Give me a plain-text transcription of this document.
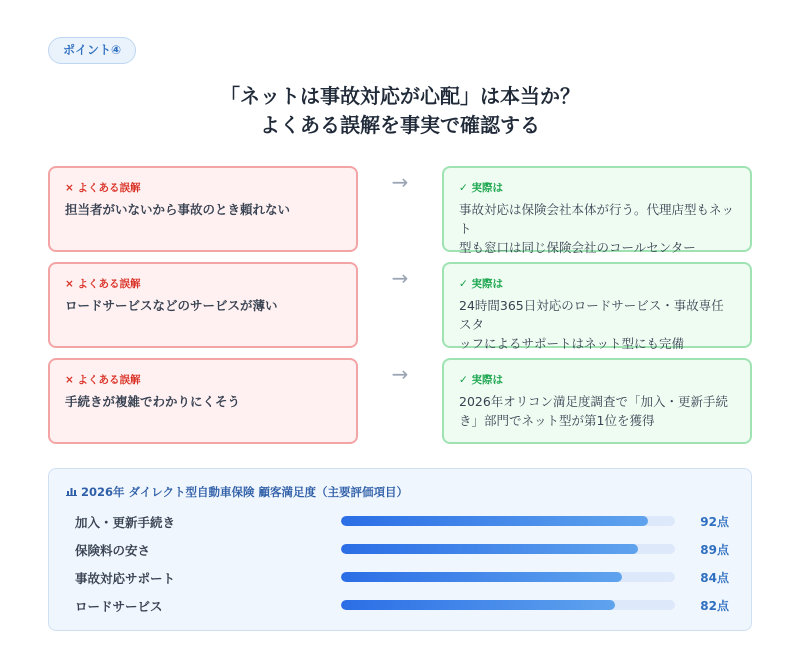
ポイント④
「ネットは事故対応が心配」は本当か？
よくある誤解を事実で確認する
× よくある誤解
担当者がいないから事故のとき頼れない
→	✓ 実際は
事故対応は保険会社本体が行う。代理店型もネット
型も窓口は同じ保険会社のコールセンター
× よくある誤解
ロードサービスなどのサービスが薄い
→	✓ 実際は
24時間365日対応のロードサービス・事故専任スタ
ッフによるサポートはネット型にも完備
× よくある誤解
手続きが複雑でわかりにくそう
→	✓ 実際は
2026年オリコン満足度調査で「加入・更新手続
き」部門でネット型が第1位を獲得
2026年 ダイレクト型自動車保険 顧客満足度（主要評価項目）
加入・更新手続き	92点
保険料の安さ	89点
事故対応サポート	84点
ロードサービス	82点
